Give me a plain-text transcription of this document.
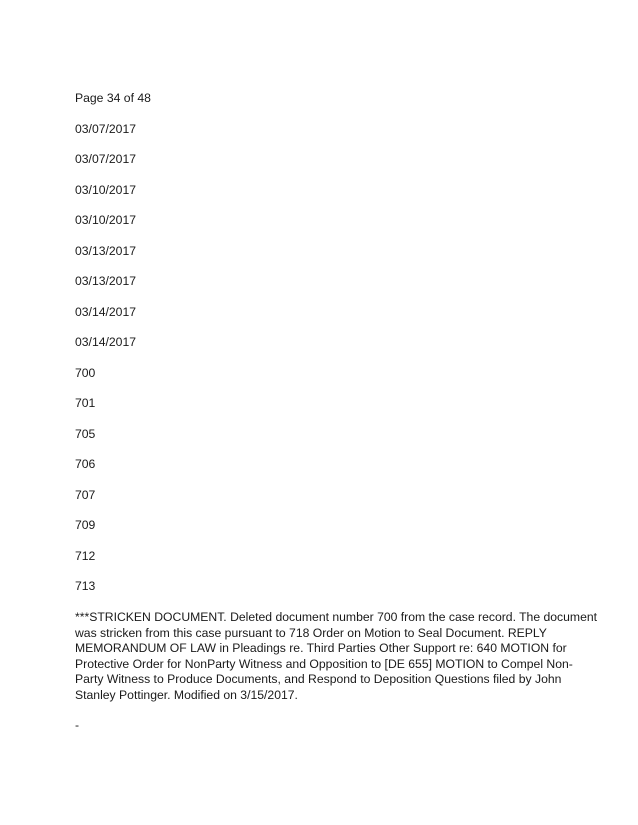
Page 34 of 48
03/07/2017
03/07/2017
03/10/2017
03/10/2017
03/13/2017
03/13/2017
03/14/2017
03/14/2017
700
701
705
706
707
709
712
713
***STRICKEN DOCUMENT. Deleted document number 700 from the case record. The document
was stricken from this case pursuant to 718 Order on Motion to Seal Document. REPLY
MEMORANDUM OF LAW in Pleadings re. Third Parties Other Support re: 640 MOTION for
Protective Order for NonParty Witness and Opposition to [DE 655] MOTION to Compel Non-
Party Witness to Produce Documents, and Respond to Deposition Questions filed by John
Stanley Pottinger. Modified on 3/15/2017.
-
